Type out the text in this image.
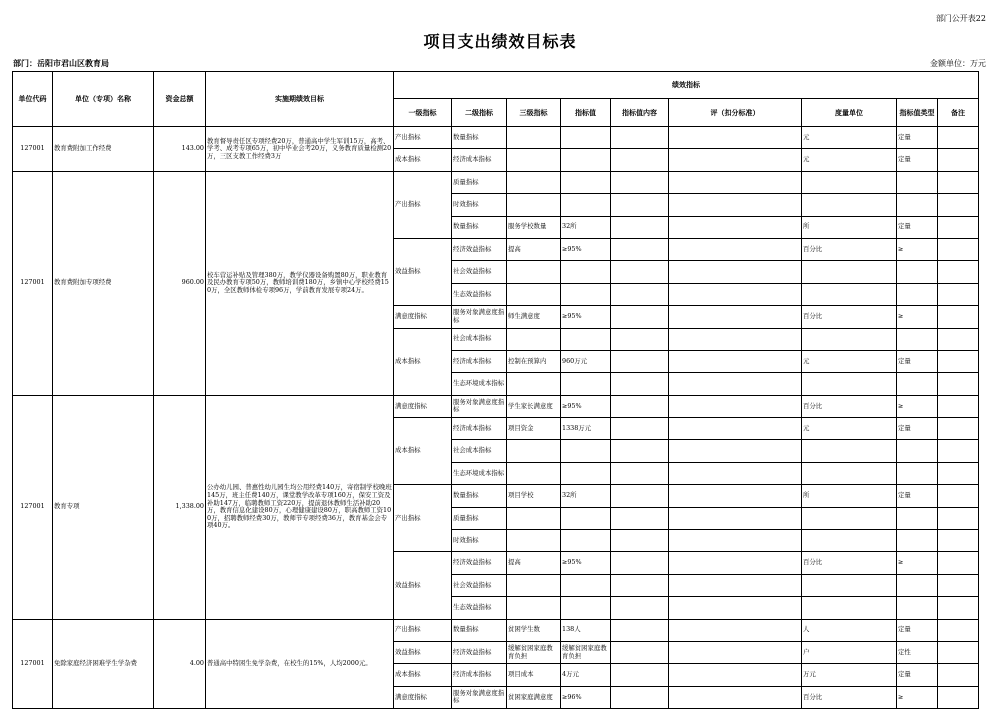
部门公开表22
项目支出绩效目标表
部门：岳阳市君山区教育局	金额单位：万元
单位代码	单位（专项）名称	资金总额	实施期绩效目标	绩效指标								
				一级指标	二级指标	三级指标	指标值	指标值内容	评（扣分标准）	度量单位	指标值类型	备注
127001	教育费附加工作经费	143.00	教育督导责任区专项经费20万，普通高中学生军训15万，高考、学考、成考专项65万，初中毕业会考20万，义务教育质量检测20万，三区支教工作经费3万	产出指标	数量指标					元	定量	
				成本指标	经济成本指标					元	定量	
127001	教育费附加专项经费	960.00	校车营运补贴及管理380万，教学仪器设备购置80万，职业教育及民办教育专项50万，教师培训费180万，乡镇中心学校经费150万，全区教师体检专项96万，学前教育发展专项24万。	产出指标	质量指标							
					时效指标							
					数量指标	服务学校数量	32所			所	定量	
				效益指标	经济效益指标	提高	≥95%			百分比	≥	
					社会效益指标							
					生态效益指标							
				满意度指标	服务对象满意度指标	师生满意度	≥95%			百分比	≥	
				成本指标	社会成本指标							
					经济成本指标	控制在预算内	960万元			元	定量	
					生态环境成本指标							
127001	教育专项	1,338.00	公办幼儿园、普惠性幼儿园生均公用经费140万，寄宿制学校晚班145万，班主任费140万，课堂教学改革专项160万，保安工资及补助147万，临聘教师工资220万，提前退休教师生活补助20万，教育信息化建设80万，心理健康建设80万，职高教师工资100万，招聘教师经费30万，教师节专项经费36万，教育基金会专项40万。	满意度指标	服务对象满意度指标	学生家长满意度	≥95%			百分比	≥	
				成本指标	经济成本指标	项目资金	1338万元			元	定量	
					社会成本指标							
					生态环境成本指标							
				产出指标	数量指标	项目学校	32所			所	定量	
					质量指标							
					时效指标							
				效益指标	经济效益指标	提高	≥95%			百分比	≥	
					社会效益指标							
					生态效益指标							
127001	免除家庭经济困难学生学杂费	4.00	普通高中特困生免学杂费，在校生的15%，人均2000元。	产出指标	数量指标	贫困学生数	138人			人	定量	
				效益指标	经济效益指标	缓解贫困家庭教育负担	缓解贫困家庭教育负担			户	定性	
				成本指标	经济成本指标	项目成本	4万元			万元	定量	
				满意度指标	服务对象满意度指标	贫困家庭满意度	≥96%			百分比	≥	
